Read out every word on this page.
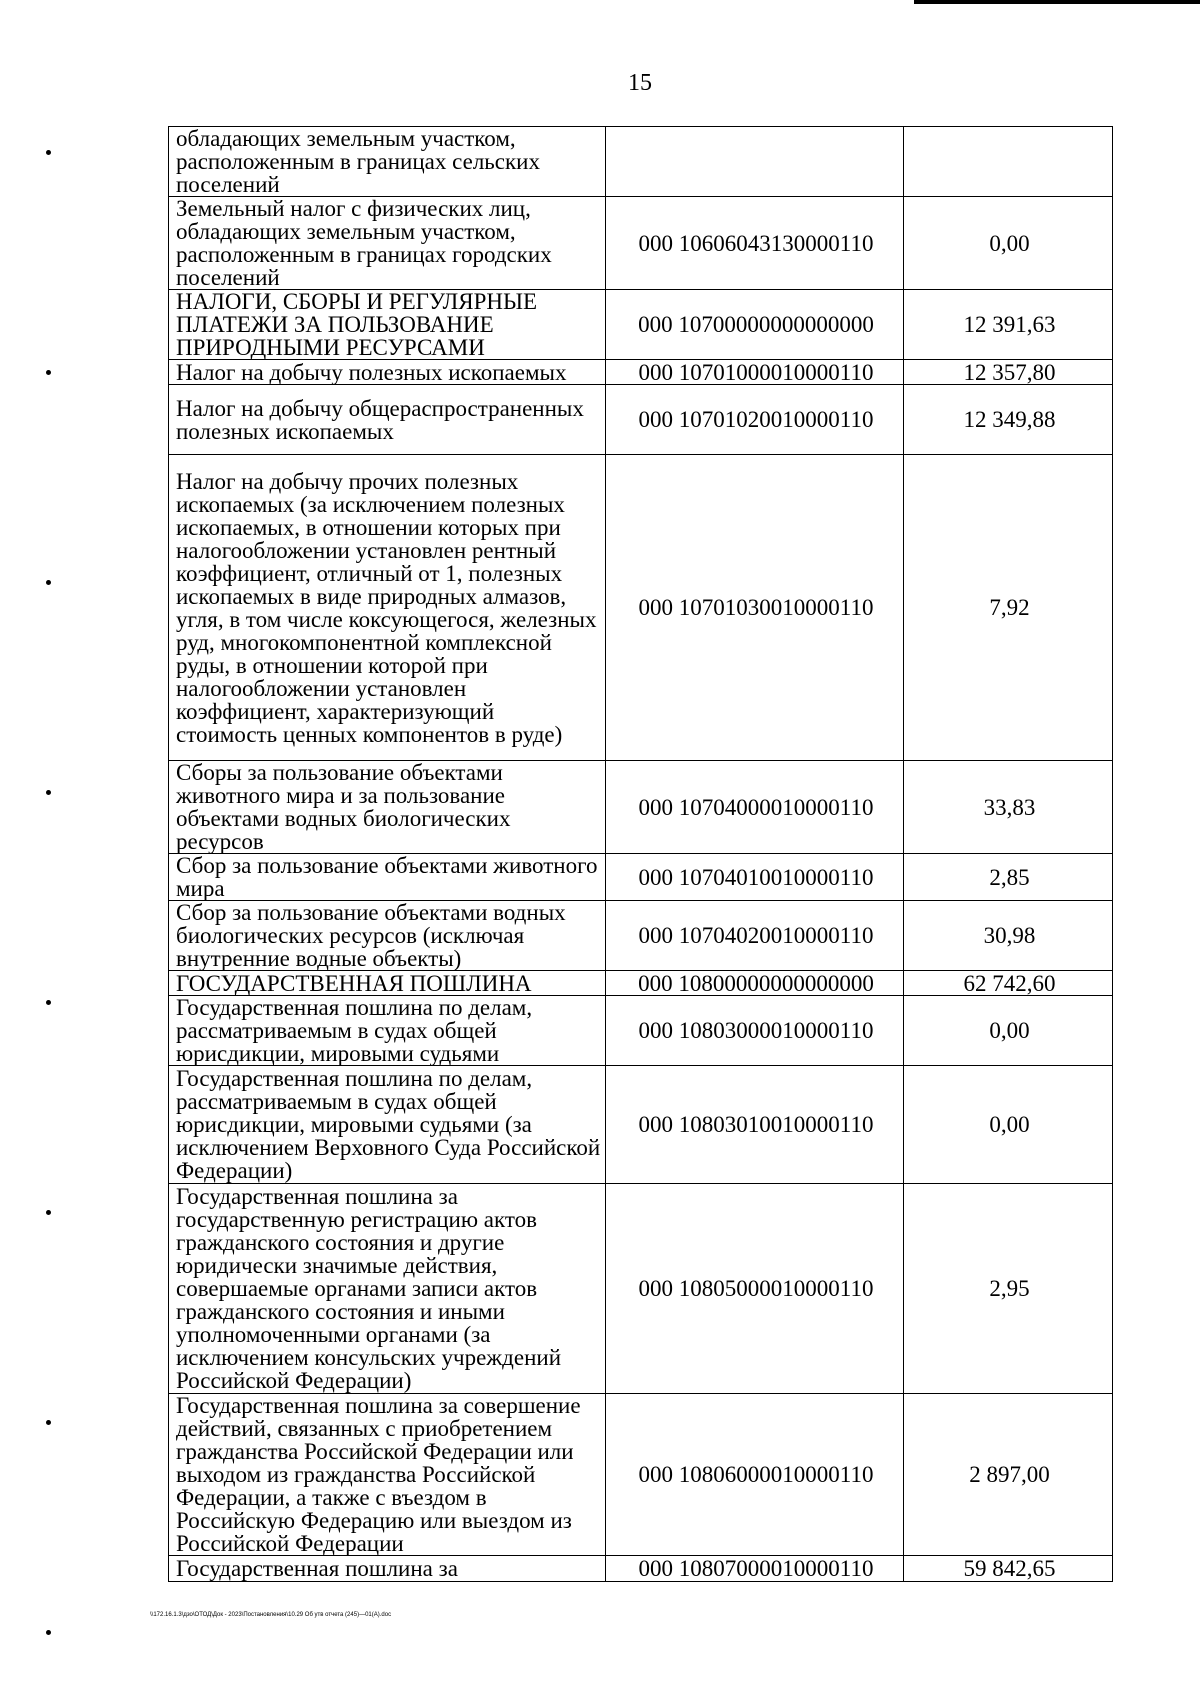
15
обладающих земельным участком, расположенным в границах сельских поселений		
Земельный налог с физических лиц, обладающих земельным участком, расположенным в границах городских поселений	000 10606043130000110	0,00
НАЛОГИ, СБОРЫ И РЕГУЛЯРНЫЕ ПЛАТЕЖИ ЗА ПОЛЬЗОВАНИЕ ПРИРОДНЫМИ РЕСУРСАМИ	000 10700000000000000	12 391,63
Налог на добычу полезных ископаемых	000 10701000010000110	12 357,80
Налог на добычу общераспространенных полезных ископаемых	000 10701020010000110	12 349,88
Налог на добычу прочих полезных ископаемых (за исключением полезных ископаемых, в отношении которых при налогообложении установлен рентный коэффициент, отличный от 1, полезных ископаемых в виде природных алмазов, угля, в том числе коксующегося, железных руд, многокомпонентной комплексной руды, в отношении которой при налогообложении установлен коэффициент, характеризующий стоимость ценных компонентов в руде)	000 10701030010000110	7,92
Сборы за пользование объектами животного мира и за пользование объектами водных биологических ресурсов	000 10704000010000110	33,83
Сбор за пользование объектами животного мира	000 10704010010000110	2,85
Сбор за пользование объектами водных биологических ресурсов (исключая внутренние водные объекты)	000 10704020010000110	30,98
ГОСУДАРСТВЕННАЯ ПОШЛИНА	000 10800000000000000	62 742,60
Государственная пошлина по делам, рассматриваемым в судах общей юрисдикции, мировыми судьями	000 10803000010000110	0,00
Государственная пошлина по делам, рассматриваемым в судах общей юрисдикции, мировыми судьями (за исключением Верховного Суда Российской Федерации)	000 10803010010000110	0,00
Государственная пошлина за государственную регистрацию актов гражданского состояния и другие юридически значимые действия, совершаемые органами записи актов гражданского состояния и иными уполномоченными органами (за исключением консульских учреждений Российской Федерации)	000 10805000010000110	2,95
Государственная пошлина за совершение действий, связанных с приобретением гражданства Российской Федерации или выходом из гражданства Российской Федерации, а также с въездом в Российскую Федерацию или выездом из Российской Федерации	000 10806000010000110	2 897,00
Государственная пошлина за	000 10807000010000110	59 842,65
\\172.16.1.3\дзо\ОТОД\Док - 2023\Постановления\10.29 Об утв отчета (245)—01(А).doc
